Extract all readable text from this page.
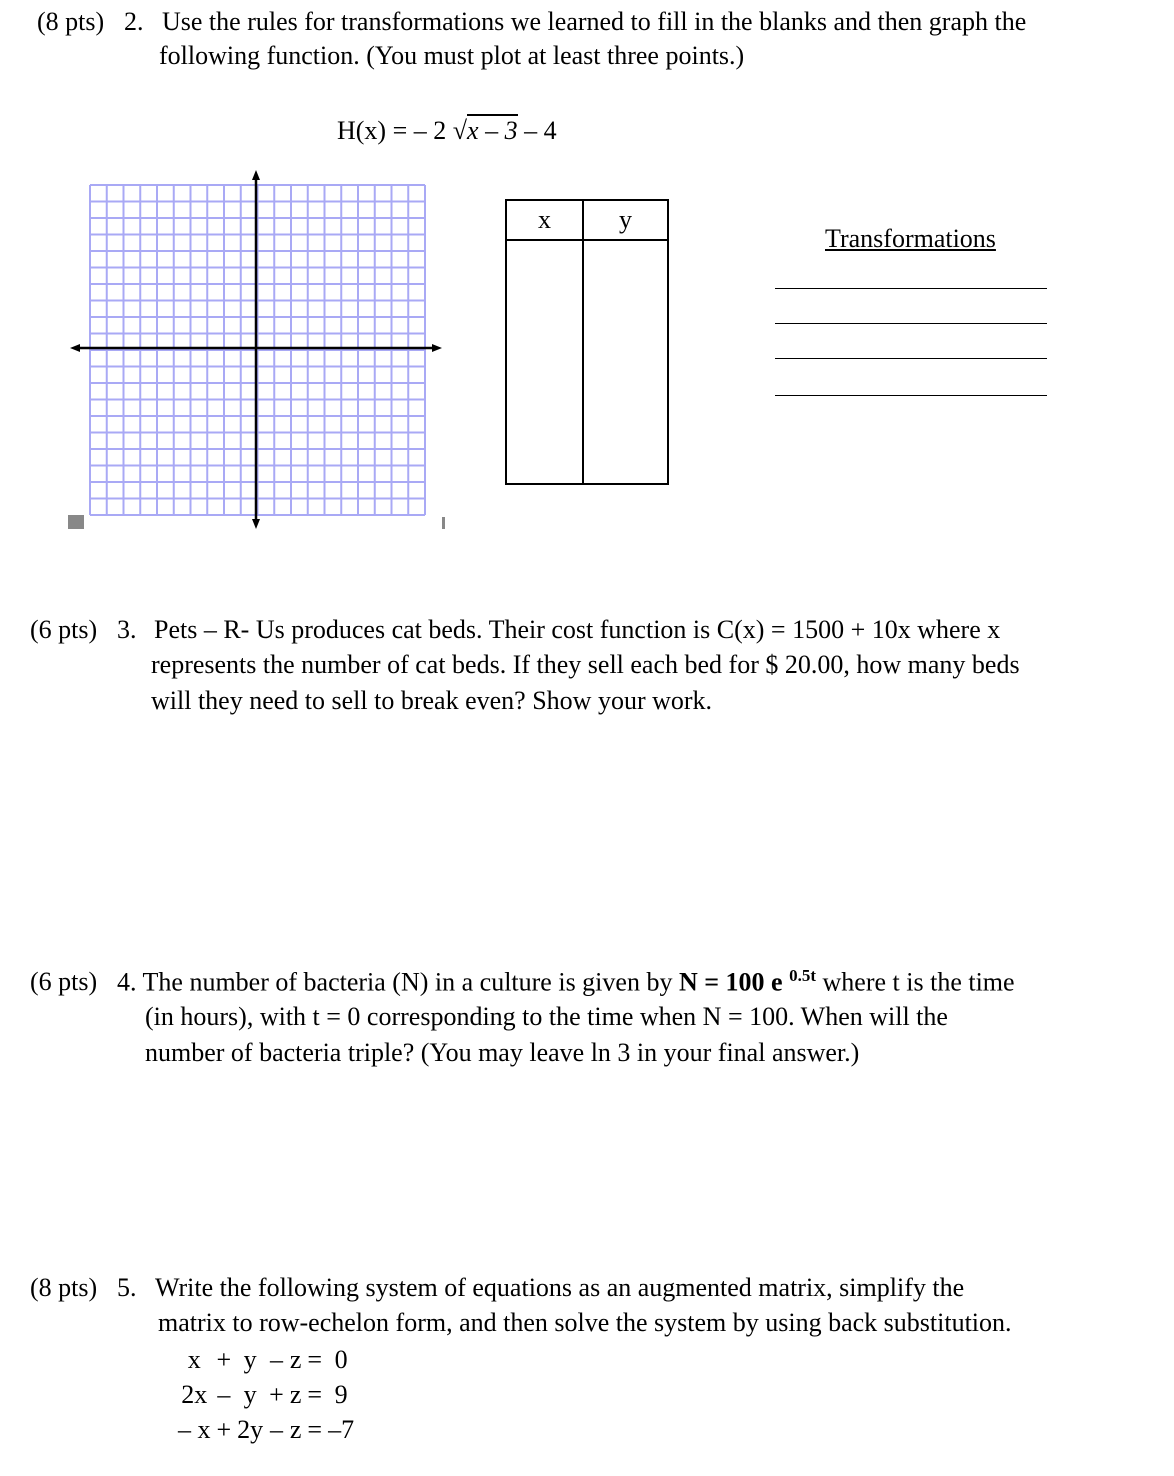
(8 pts) 2. Use the rules for transformations we learned to fill in the blanks and then graph the
following function. (You must plot at least three points.)
H(x) = – 2 √x – 3 – 4
x	y

Transformations
(6 pts) 3. Pets – R- Us produces cat beds. Their cost function is C(x) = 1500 + 10x where x
represents the number of cat beds. If they sell each bed for $ 20.00, how many beds
will they need to sell to break even? Show your work.
(6 pts) 4. The number of bacteria (N) in a culture is given by N = 100 e $^{0.5t}$ where t is the time
(in hours), with t = 0 corresponding to the time when N = 100. When will the
number of bacteria triple? (You may leave ln 3 in your final answer.)
(8 pts) 5. Write the following system of equations as an augmented matrix, simplify the
matrix to row-echelon form, and then solve the system by using back substitution.
x	+	y	–	z	=	0
2x	–	y	+	z	=	9
– x	+	2y	–	z	=	–7
